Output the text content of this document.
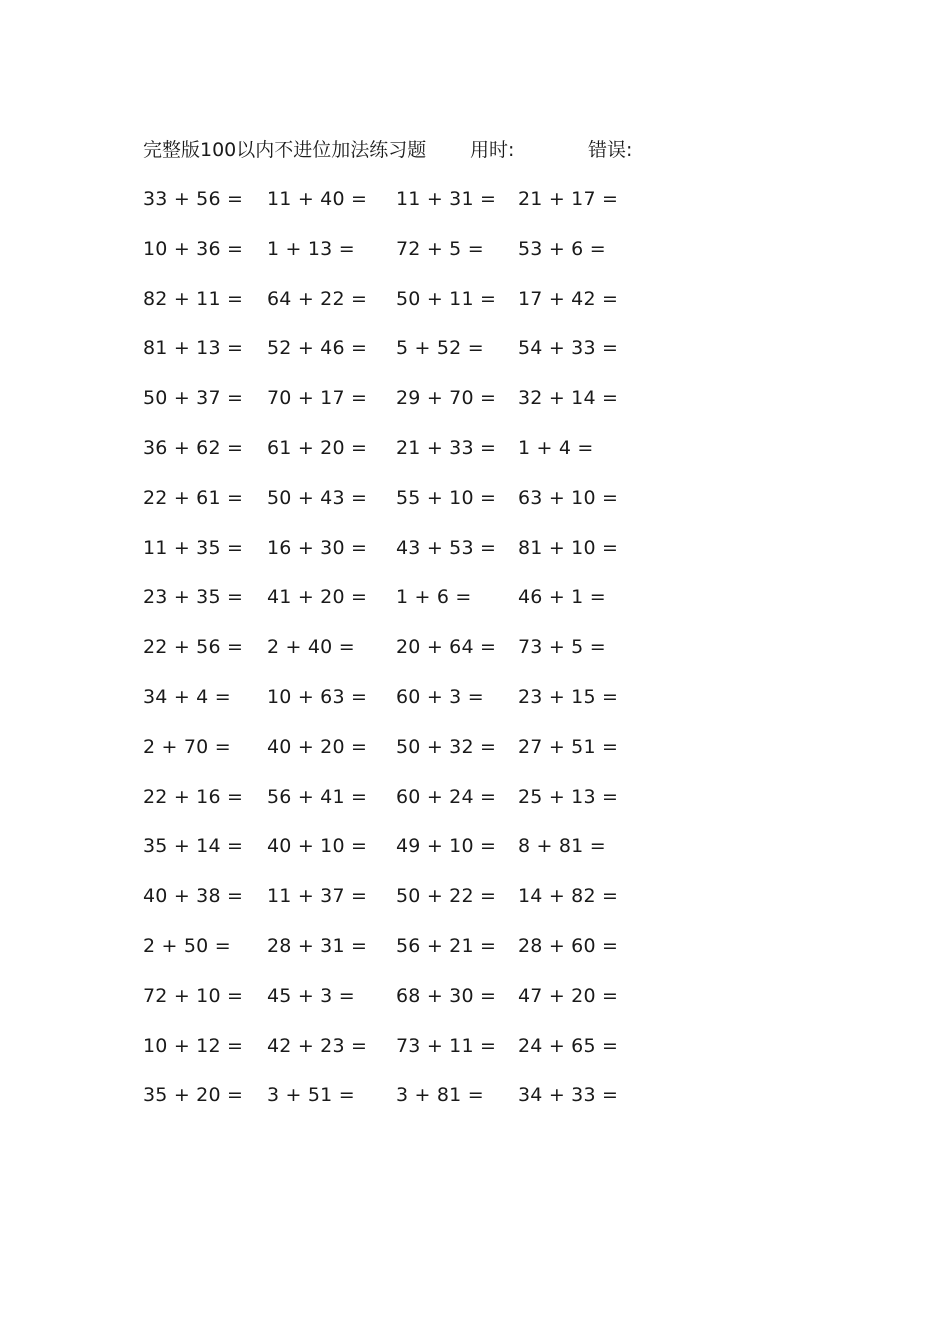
完整版100以内不进位加法练习题 用时:	错误:
33 + 56 = 11 + 40 = 11 + 31 = 21 + 17 =
10 + 36 = 1 + 13 = 72 + 5 = 53 + 6 =
82 + 11 = 64 + 22 = 50 + 11 = 17 + 42 =
81 + 13 = 52 + 46 = 5 + 52 = 54 + 33 =
50 + 37 = 70 + 17 = 29 + 70 = 32 + 14 =
36 + 62 = 61 + 20 = 21 + 33 = 1 + 4 =
22 + 61 = 50 + 43 = 55 + 10 = 63 + 10 =
11 + 35 = 16 + 30 = 43 + 53 = 81 + 10 =
23 + 35 = 41 + 20 = 1 + 6 = 46 + 1 =
22 + 56 = 2 + 40 = 20 + 64 = 73 + 5 =
34 + 4 = 10 + 63 = 60 + 3 = 23 + 15 =
2 + 70 = 40 + 20 = 50 + 32 = 27 + 51 =
22 + 16 = 56 + 41 = 60 + 24 = 25 + 13 =
35 + 14 = 40 + 10 = 49 + 10 = 8 + 81 =
40 + 38 = 11 + 37 = 50 + 22 = 14 + 82 =
2 + 50 = 28 + 31 = 56 + 21 = 28 + 60 =
72 + 10 = 45 + 3 = 68 + 30 = 47 + 20 =
10 + 12 = 42 + 23 = 73 + 11 = 24 + 65 =
35 + 20 = 3 + 51 = 3 + 81 = 34 + 33 =
